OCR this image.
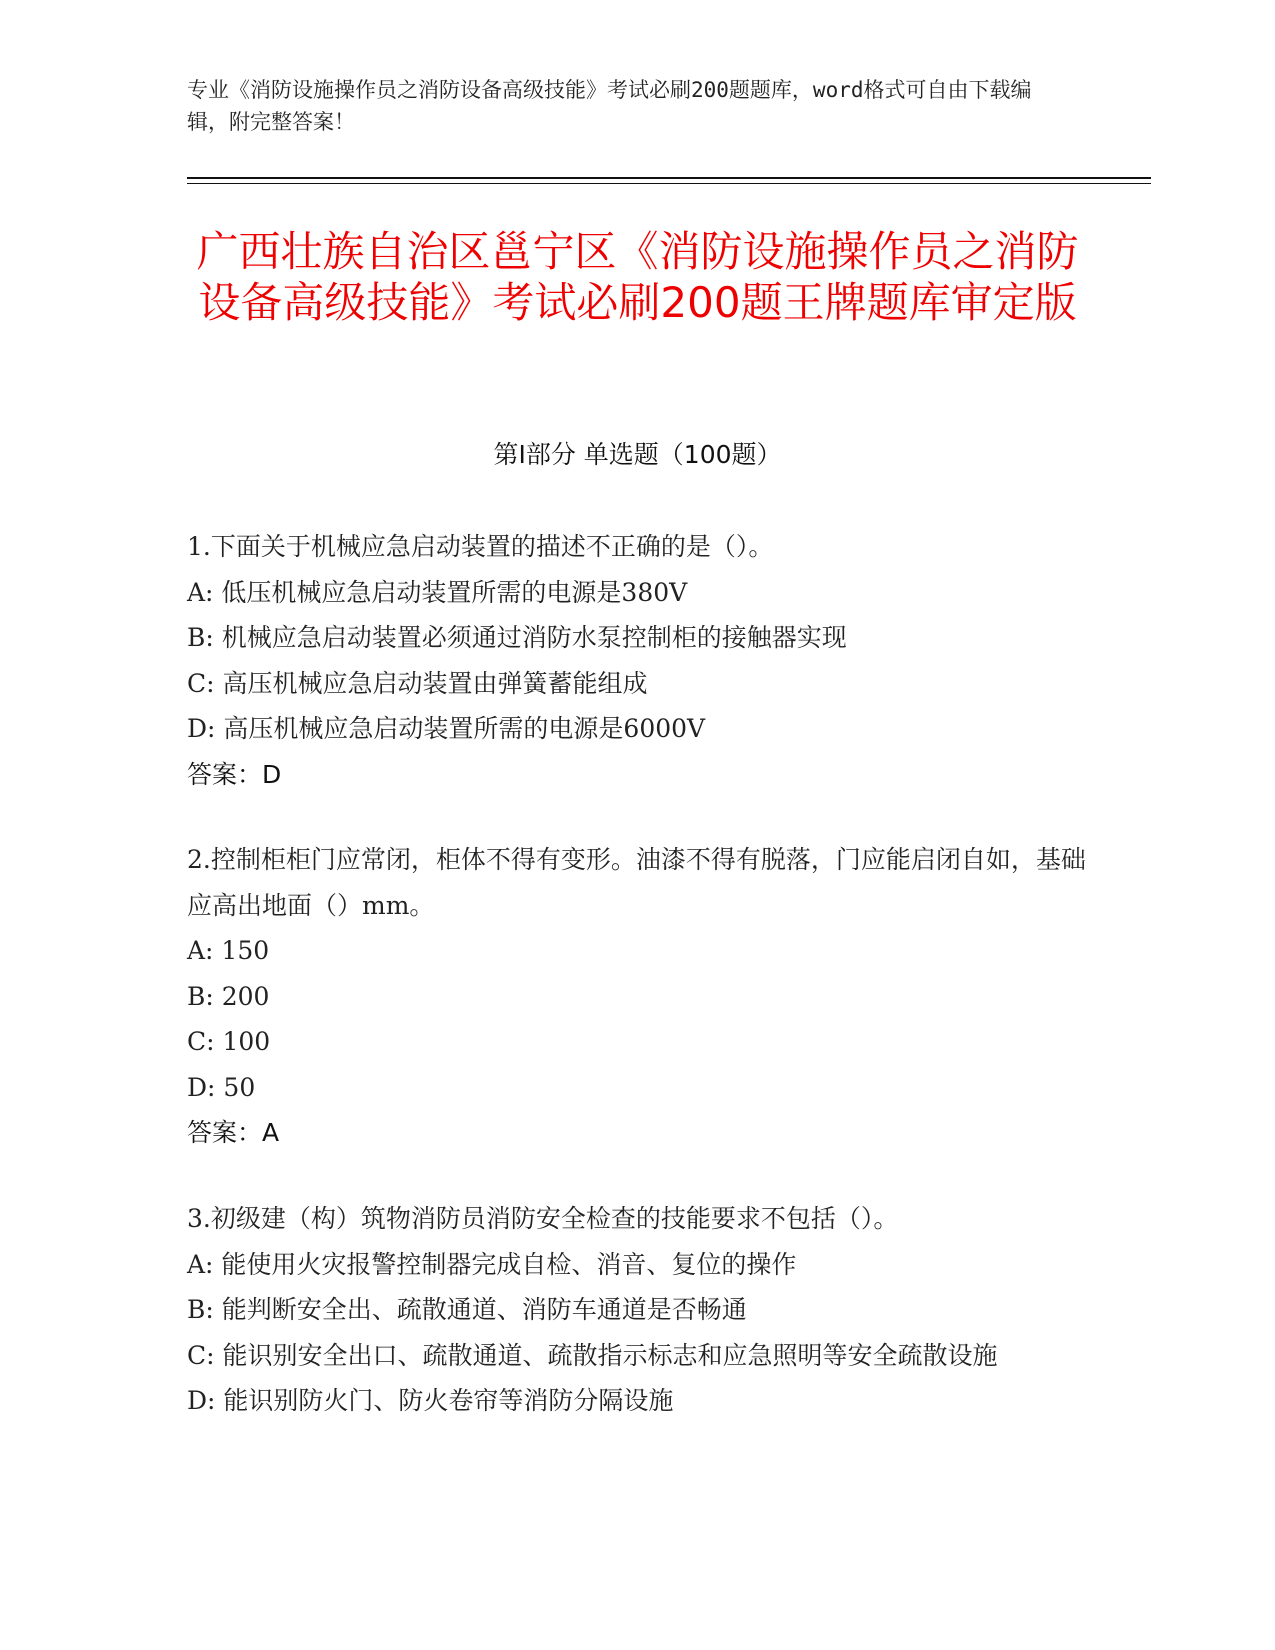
专业《消防设施操作员之消防设备高级技能》考试必刷200题题库，word格式可自由下载编辑，附完整答案！
广西壮族自治区邕宁区《消防设施操作员之消防设备高级技能》考试必刷200题王牌题库审定版
第I部分 单选题（100题）

1.下面关于机械应急启动装置的描述不正确的是（）。

A: 低压机械应急启动装置所需的电源是380V

B: 机械应急启动装置必须通过消防水泵控制柜的接触器实现

C: 高压机械应急启动装置由弹簧蓄能组成

D: 高压机械应急启动装置所需的电源是6000V

答案：D

2.控制柜柜门应常闭，柜体不得有变形。油漆不得有脱落，门应能启闭自如，基础应高出地面（）mm。

A: 150

B: 200

C: 100

D: 50

答案：A

3.初级建（构）筑物消防员消防安全检查的技能要求不包括（）。

A: 能使用火灾报警控制器完成自检、消音、复位的操作

B: 能判断安全出、疏散通道、消防车通道是否畅通

C: 能识别安全出口、疏散通道、疏散指示标志和应急照明等安全疏散设施

D: 能识别防火门、防火卷帘等消防分隔设施
